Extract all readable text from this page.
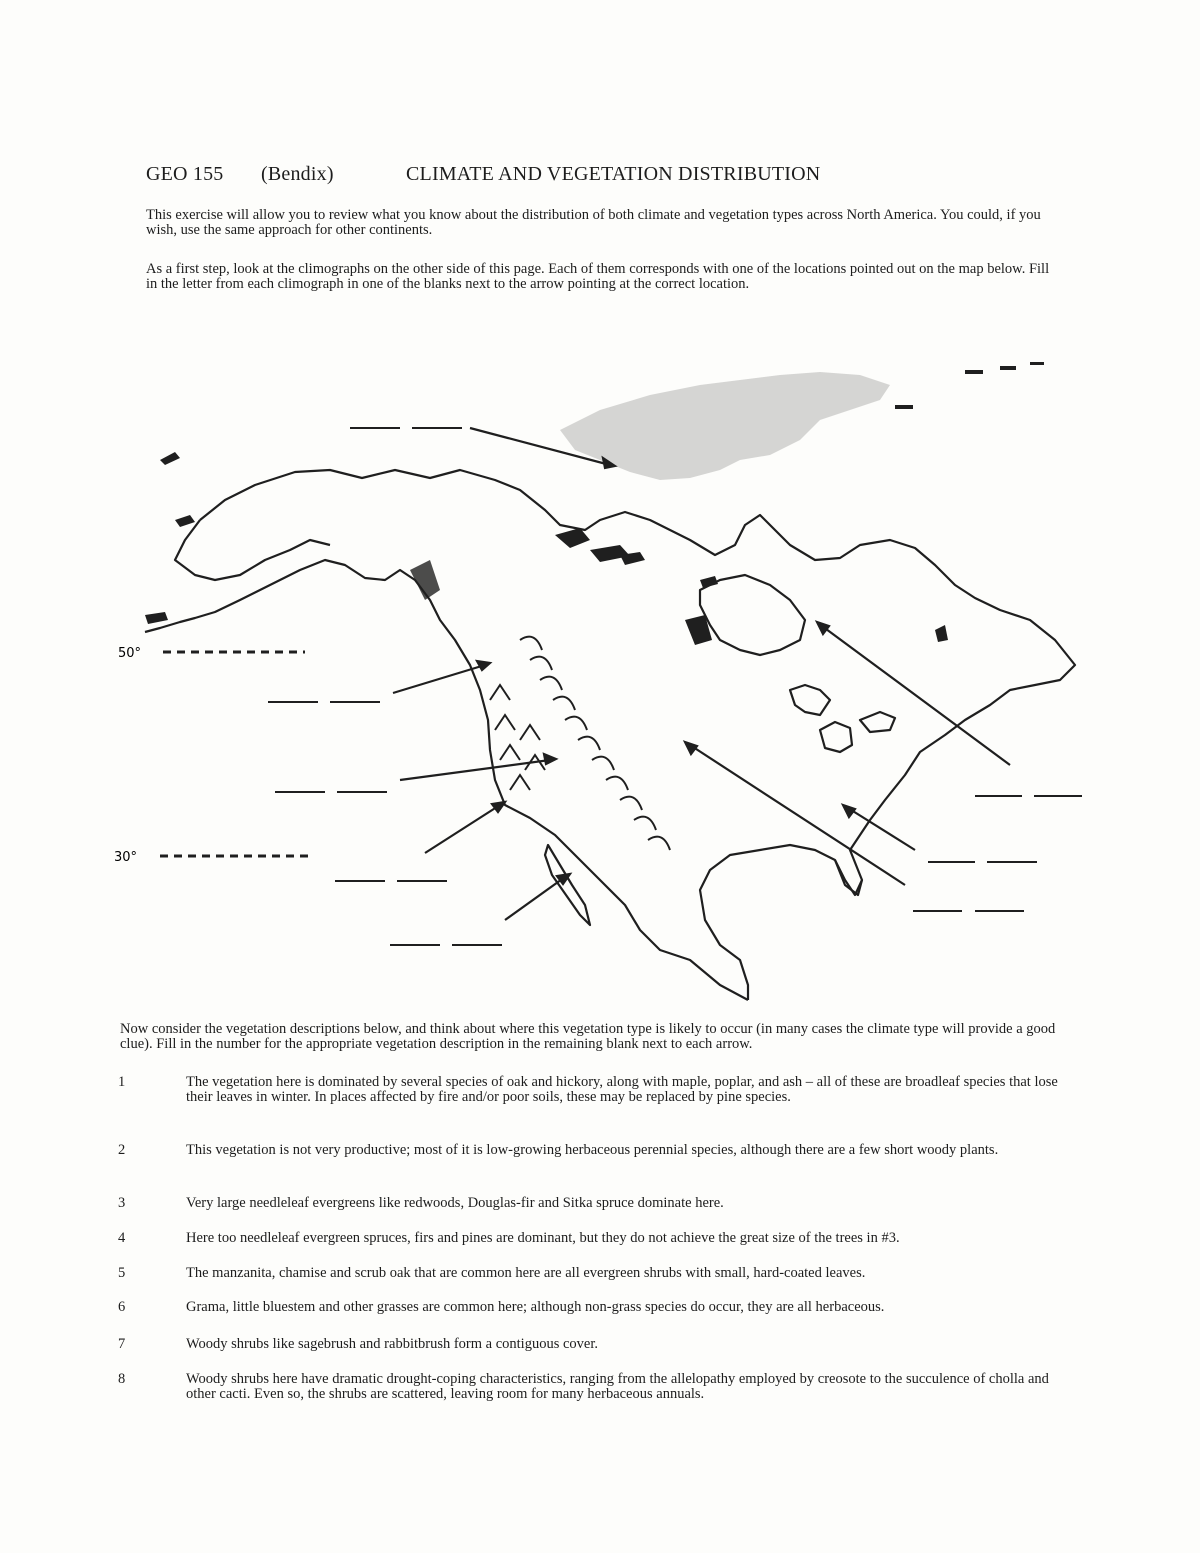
GEO 155 (Bendix)	CLIMATE AND VEGETATION DISTRIBUTION
This exercise will allow you to review what you know about the distribution of both climate and vegetation types across North America. You could, if you wish, use the same approach for other continents.
As a first step, look at the climographs on the other side of this page. Each of them corresponds with one of the locations pointed out on the map below. Fill in the letter from each climograph in one of the blanks next to the arrow pointing at the correct location.
50°
30°
Now consider the vegetation descriptions below, and think about where this vegetation type is likely to occur (in many cases the climate type will provide a good clue). Fill in the number for the appropriate vegetation description in the remaining blank next to each arrow.
1	The vegetation here is dominated by several species of oak and hickory, along with maple, poplar, and ash – all of these are broadleaf species that lose their leaves in winter. In places affected by fire and/or poor soils, these may be replaced by pine species.
2	This vegetation is not very productive; most of it is low-growing herbaceous perennial species, although there are a few short woody plants.
3	Very large needleleaf evergreens like redwoods, Douglas-fir and Sitka spruce dominate here.
4	Here too needleleaf evergreen spruces, firs and pines are dominant, but they do not achieve the great size of the trees in #3.
5	The manzanita, chamise and scrub oak that are common here are all evergreen shrubs with small, hard-coated leaves.
6	Grama, little bluestem and other grasses are common here; although non-grass species do occur, they are all herbaceous.
7	Woody shrubs like sagebrush and rabbitbrush form a contiguous cover.
8	Woody shrubs here have dramatic drought-coping characteristics, ranging from the allelopathy employed by creosote to the succulence of cholla and other cacti. Even so, the shrubs are scattered, leaving room for many herbaceous annuals.
